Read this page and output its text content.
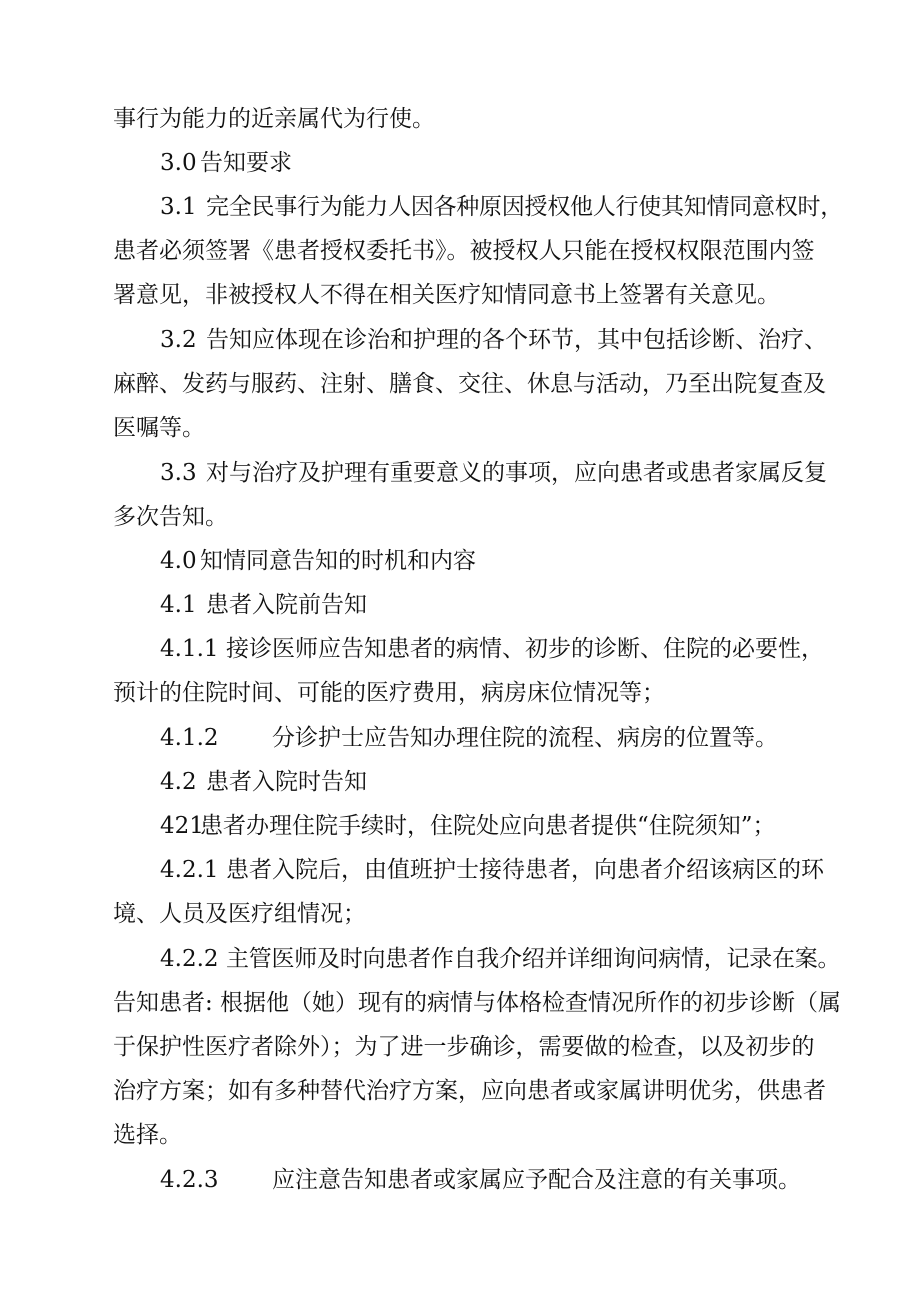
事行为能力的近亲属代为行使。
3.0 告知要求
3.1 完全民事行为能力人因各种原因授权他人行使其知情同意权时，
患者必须签署《患者授权委托书》。被授权人只能在授权权限范围内签
署意见，非被授权人不得在相关医疗知情同意书上签署有关意见。
3.2 告知应体现在诊治和护理的各个环节，其中包括诊断、治疗、
麻醉、发药与服药、注射、膳食、交往、休息与活动，乃至出院复查及
医嘱等。
3.3 对与治疗及护理有重要意义的事项，应向患者或患者家属反复
多次告知。
4.0 知情同意告知的时机和内容
4.1 患者入院前告知
4.1.1 接诊医师应告知患者的病情、初步的诊断、住院的必要性，
预计的住院时间、可能的医疗费用，病房床位情况等；
4.1.2 分诊护士应告知办理住院的流程、病房的位置等。
4.2 患者入院时告知
421
患者办理住院手续时，住院处应向患者提供“住院须知”；
4.2.1 患者入院后，由值班护士接待患者，向患者介绍该病区的环
境、人员及医疗组情况；
4.2.2 主管医师及时向患者作自我介绍并详细询问病情，记录在案。
告知患者: 根据他（她）现有的病情与体格检查情况所作的初步诊断（属
于保护性医疗者除外）；为了进一步确诊，需要做的检查，以及初步的
治疗方案；如有多种替代治疗方案，应向患者或家属讲明优劣，供患者
选择。
4.2.3 应注意告知患者或家属应予配合及注意的有关事项。
